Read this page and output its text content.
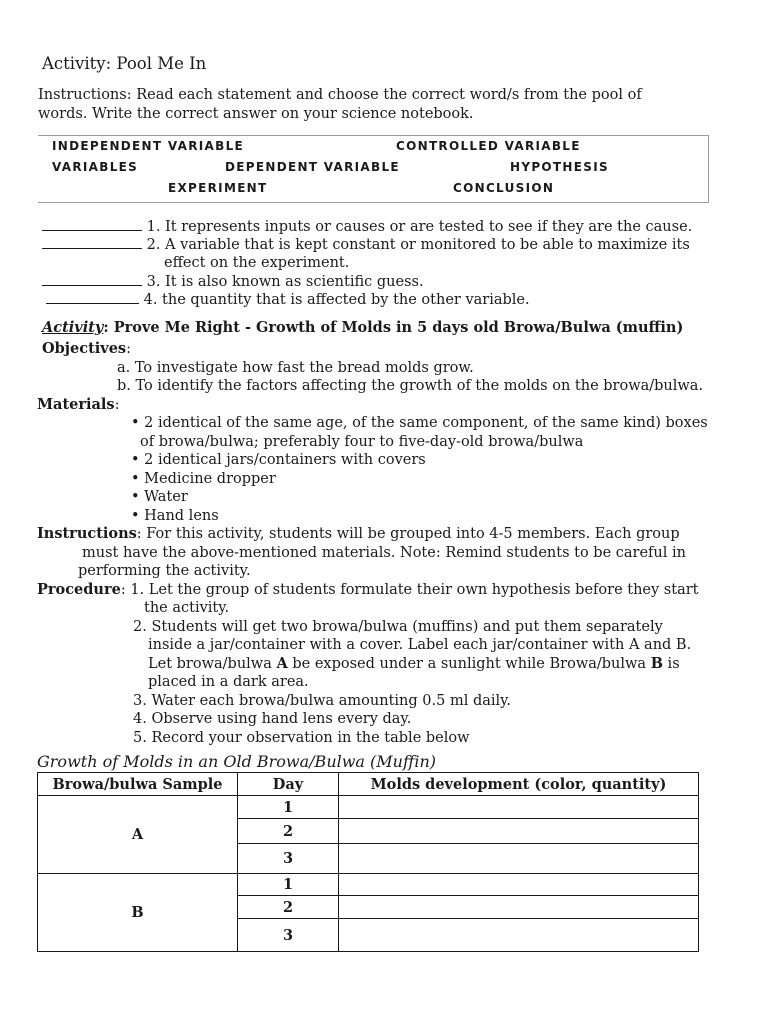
Activity: Pool Me In
Instructions: Read each statement and choose the correct word/s from the pool of words. Write the correct answer on your science notebook.
INDEPENDENT VARIABLE	CONTROLLED VARIABLE
VARIABLES	DEPENDENT VARIABLE	HYPOTHESIS
EXPERIMENT	CONCLUSION
1. It represents inputs or causes or are tested to see if they are the cause.
2. A variable that is kept constant or monitored to be able to maximize its
effect on the experiment.
3. It is also known as scientific guess.
4. the quantity that is affected by the other variable.
Activity: Prove Me Right - Growth of Molds in 5 days old Browa/Bulwa (muffin)
Objectives:
a. To investigate how fast the bread molds grow.
b. To identify the factors affecting the growth of the molds on the browa/bulwa.
Materials:
• 2 identical of the same age, of the same component, of the same kind) boxes
of browa/bulwa; preferably four to five-day-old browa/bulwa
• 2 identical jars/containers with covers
• Medicine dropper
• Water
• Hand lens
Instructions: For this activity, students will be grouped into 4-5 members. Each group
must have the above-mentioned materials. Note: Remind students to be careful in
performing the activity.
Procedure: 1. Let the group of students formulate their own hypothesis before they start
the activity.
2. Students will get two browa/bulwa (muffins) and put them separately
inside a jar/container with a cover. Label each jar/container with A and B.
Let browa/bulwa A be exposed under a sunlight while Browa/bulwa B is
placed in a dark area.
3. Water each browa/bulwa amounting 0.5 ml daily.
4. Observe using hand lens every day.
5. Record your observation in the table below
Growth of Molds in an Old Browa/Bulwa (Muffin)
Browa/bulwa Sample	Day	Molds development (color, quantity)
A	1	
	2	
	3	
B	1	
	2	
	3	
